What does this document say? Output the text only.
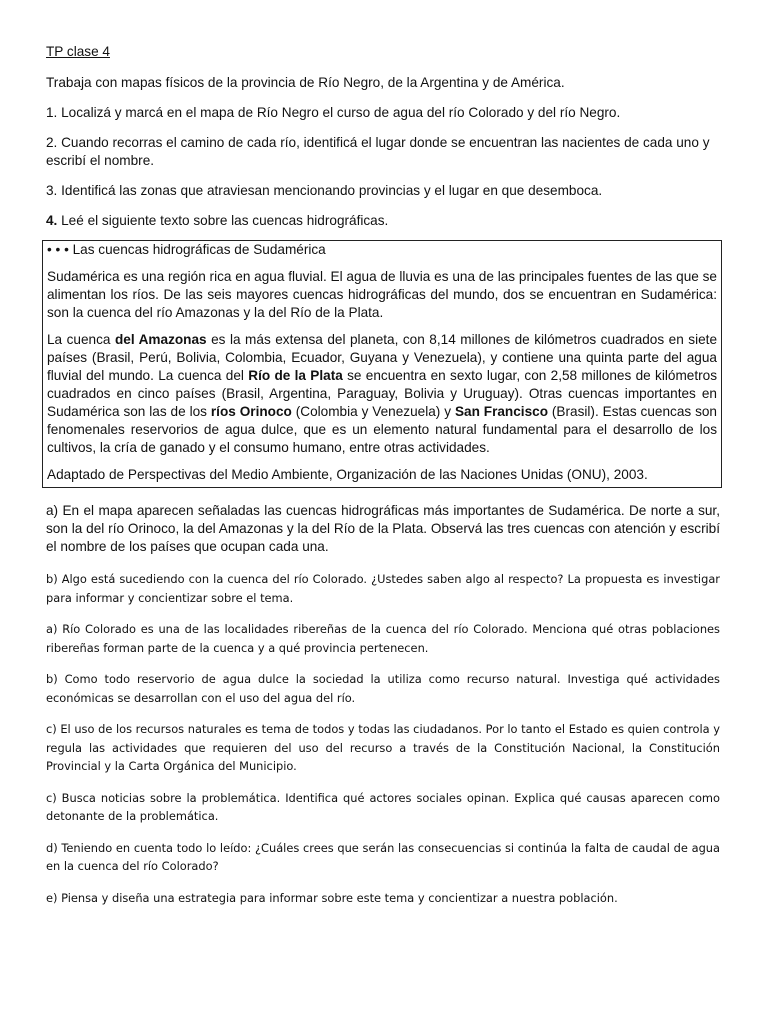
TP clase 4

Trabaja con mapas físicos de la provincia de Río Negro, de la Argentina y de América.

1. Localizá y marcá en el mapa de Río Negro el curso de agua del río Colorado y del río Negro.

2. Cuando recorras el camino de cada río, identificá el lugar donde se encuentran las nacientes de cada uno y escribí el nombre.

3. Identificá las zonas que atraviesan mencionando provincias y el lugar en que desemboca.

4. Leé el siguiente texto sobre las cuencas hidrográficas.

• • • Las cuencas hidrográficas de Sudamérica

Sudamérica es una región rica en agua fluvial. El agua de lluvia es una de las principales fuentes de las que se alimentan los ríos. De las seis mayores cuencas hidrográficas del mundo, dos se encuentran en Sudamérica: son la cuenca del río Amazonas y la del Río de la Plata.

La cuenca del Amazonas es la más extensa del planeta, con 8,14 millones de kilómetros cuadrados en siete países (Brasil, Perú, Bolivia, Colombia, Ecuador, Guyana y Venezuela), y contiene una quinta parte del agua fluvial del mundo. La cuenca del Río de la Plata se encuentra en sexto lugar, con 2,58 millones de kilómetros cuadrados en cinco países (Brasil, Argentina, Paraguay, Bolivia y Uruguay). Otras cuencas importantes en Sudamérica son las de los ríos Orinoco (Colombia y Venezuela) y San Francisco (Brasil). Estas cuencas son fenomenales reservorios de agua dulce, que es un elemento natural fundamental para el desarrollo de los cultivos, la cría de ganado y el consumo humano, entre otras actividades.

Adaptado de Perspectivas del Medio Ambiente, Organización de las Naciones Unidas (ONU), 2003.

a) En el mapa aparecen señaladas las cuencas hidrográficas más importantes de Sudamérica. De norte a sur, son la del río Orinoco, la del Amazonas y la del Río de la Plata. Observá las tres cuencas con atención y escribí el nombre de los países que ocupan cada una.

b) Algo está sucediendo con la cuenca del río Colorado. ¿Ustedes saben algo al respecto? La propuesta es investigar para informar y concientizar sobre el tema.

a) Río Colorado es una de las localidades ribereñas de la cuenca del río Colorado. Menciona qué otras poblaciones ribereñas forman parte de la cuenca y a qué provincia pertenecen.

b) Como todo reservorio de agua dulce la sociedad la utiliza como recurso natural. Investiga qué actividades económicas se desarrollan con el uso del agua del río.

c) El uso de los recursos naturales es tema de todos y todas las ciudadanos. Por lo tanto el Estado es quien controla y regula las actividades que requieren del uso del recurso a través de la Constitución Nacional, la Constitución Provincial y la Carta Orgánica del Municipio.

c) Busca noticias sobre la problemática. Identifica qué actores sociales opinan. Explica qué causas aparecen como detonante de la problemática.

d) Teniendo en cuenta todo lo leído: ¿Cuáles crees que serán las consecuencias si continúa la falta de caudal de agua en la cuenca del río Colorado?

e) Piensa y diseña una estrategia para informar sobre este tema y concientizar a nuestra población.
